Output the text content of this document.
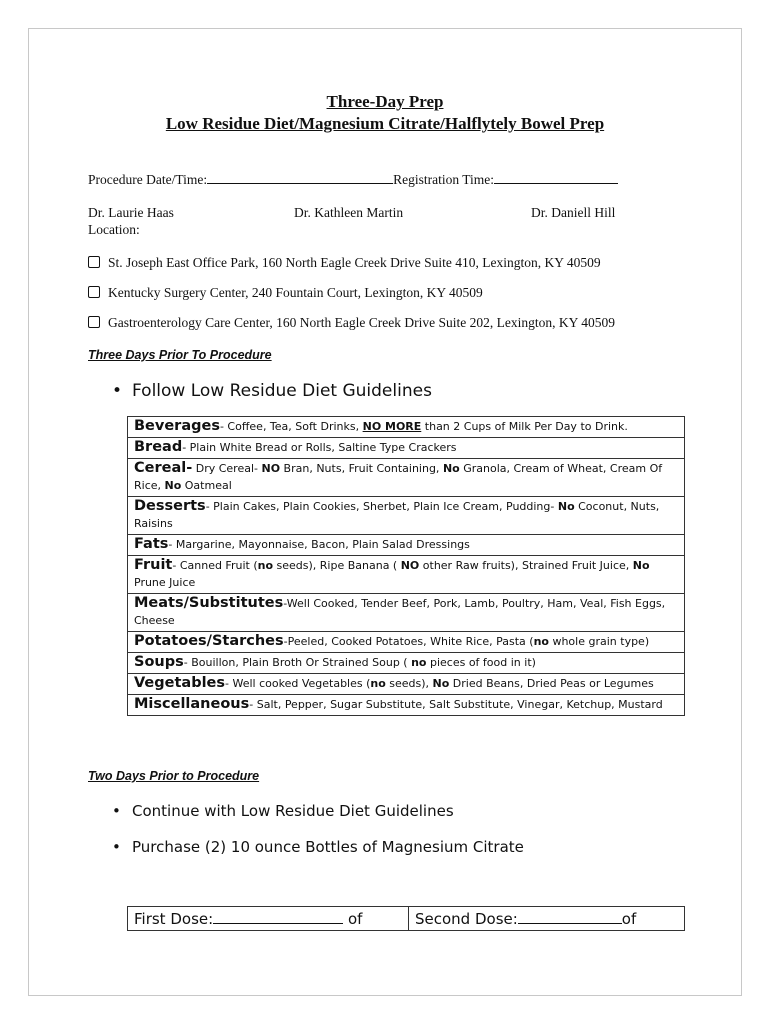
Three-Day Prep
Low Residue Diet/Magnesium Citrate/Halflytely Bowel Prep
Procedure Date/Time:	Registration Time:
Dr. Laurie Haas	Dr. Kathleen Martin	Dr. Daniell Hill
Location:
St. Joseph East Office Park, 160 North Eagle Creek Drive Suite 410, Lexington, KY 40509
Kentucky Surgery Center, 240 Fountain Court, Lexington, KY 40509
Gastroenterology Care Center, 160 North Eagle Creek Drive Suite 202, Lexington, KY 40509
Three Days Prior To Procedure
• Follow Low Residue Diet Guidelines
Beverages- Coffee, Tea, Soft Drinks, NO MORE than 2 Cups of Milk Per Day to Drink.
Bread- Plain White Bread or Rolls, Saltine Type Crackers
Cereal- Dry Cereal- NO Bran, Nuts, Fruit Containing, No Granola, Cream of Wheat, Cream Of Rice, No Oatmeal
Desserts- Plain Cakes, Plain Cookies, Sherbet, Plain Ice Cream, Pudding- No Coconut, Nuts, Raisins
Fats- Margarine, Mayonnaise, Bacon, Plain Salad Dressings
Fruit- Canned Fruit (no seeds), Ripe Banana ( NO other Raw fruits), Strained Fruit Juice, No Prune Juice
Meats/Substitutes-Well Cooked, Tender Beef, Pork, Lamb, Poultry, Ham, Veal, Fish Eggs, Cheese
Potatoes/Starches-Peeled, Cooked Potatoes, White Rice, Pasta (no whole grain type)
Soups- Bouillon, Plain Broth Or Strained Soup ( no pieces of food in it)
Vegetables- Well cooked Vegetables (no seeds), No Dried Beans, Dried Peas or Legumes
Miscellaneous- Salt, Pepper, Sugar Substitute, Salt Substitute, Vinegar, Ketchup, Mustard
Two Days Prior to Procedure
• Continue with Low Residue Diet Guidelines
• Purchase (2) 10 ounce Bottles of Magnesium Citrate
First Dose:	of	Second Dose:	of
